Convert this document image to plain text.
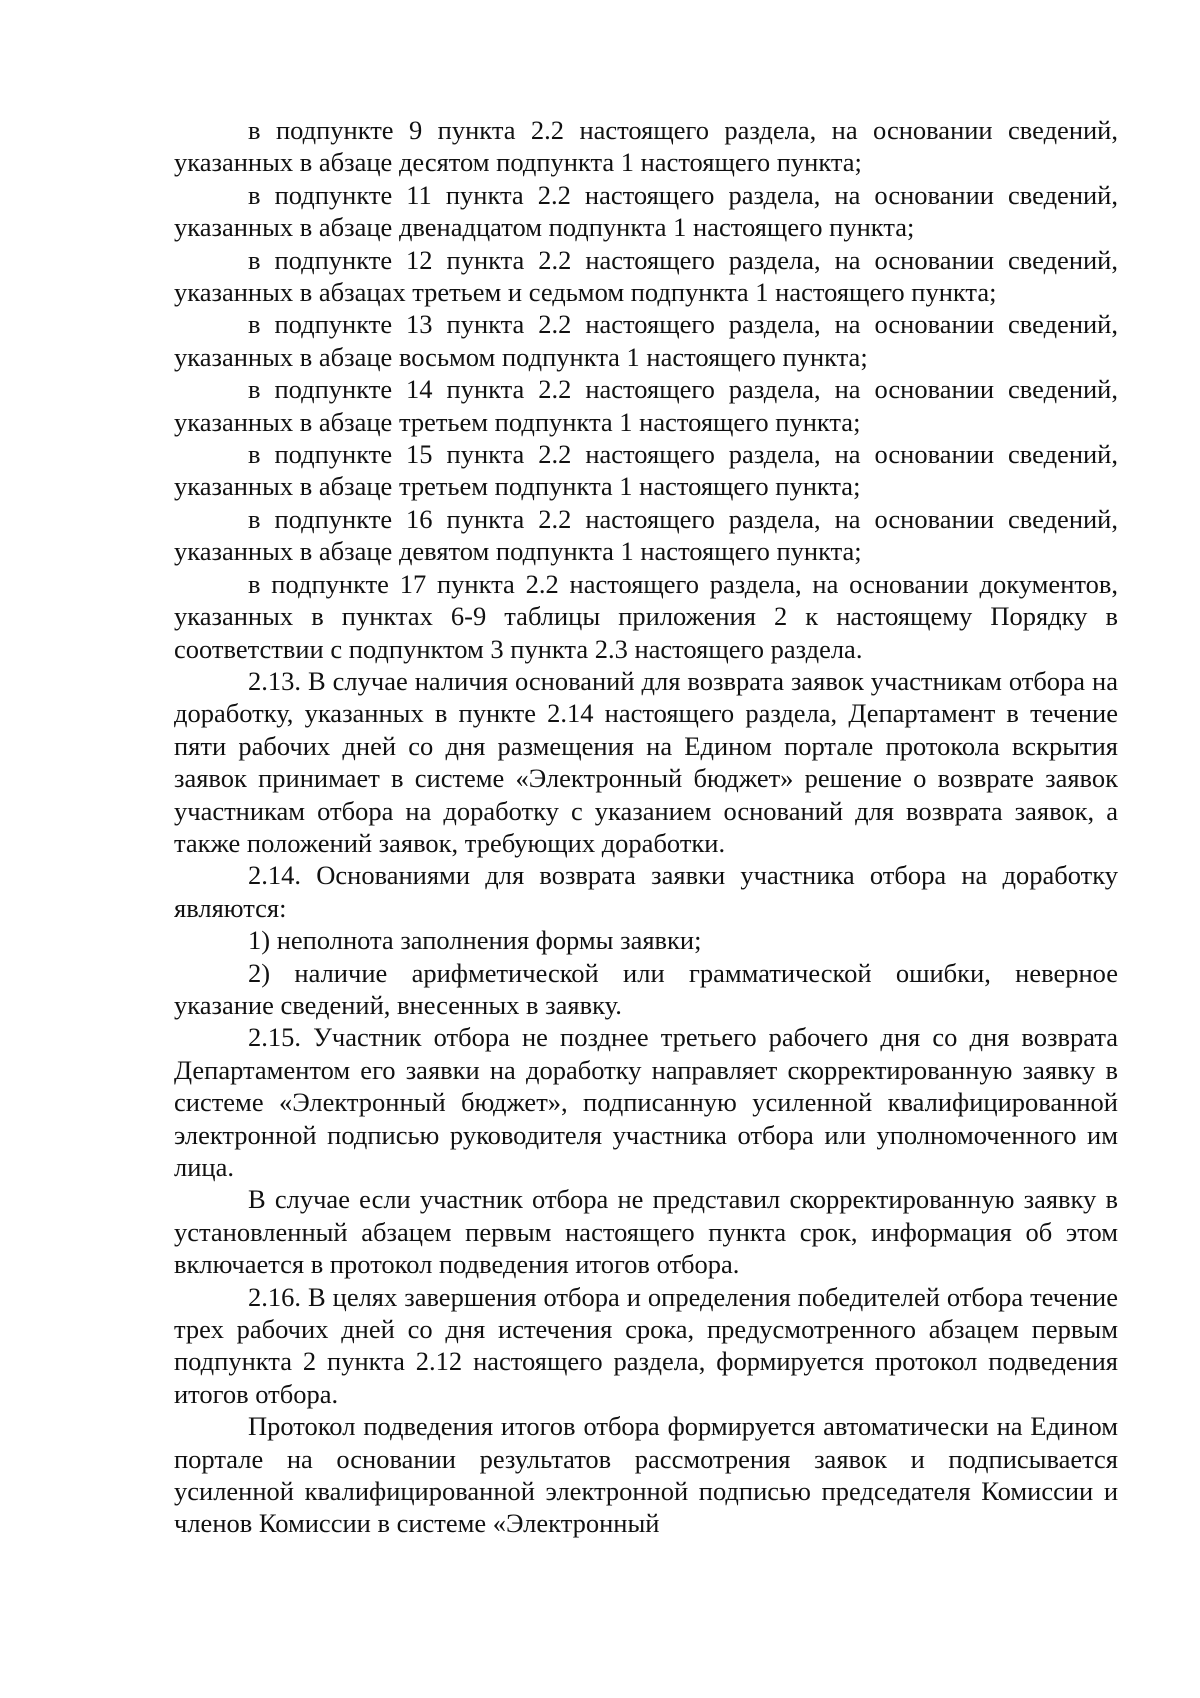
в подпункте 9 пункта 2.2 настоящего раздела, на основании сведений, указанных в абзаце десятом подпункта 1 настоящего пункта;

в подпункте 11 пункта 2.2 настоящего раздела, на основании сведений, указанных в абзаце двенадцатом подпункта 1 настоящего пункта;

в подпункте 12 пункта 2.2 настоящего раздела, на основании сведений, указанных в абзацах третьем и седьмом подпункта 1 настоящего пункта;

в подпункте 13 пункта 2.2 настоящего раздела, на основании сведений, указанных в абзаце восьмом подпункта 1 настоящего пункта;

в подпункте 14 пункта 2.2 настоящего раздела, на основании сведений, указанных в абзаце третьем подпункта 1 настоящего пункта;

в подпункте 15 пункта 2.2 настоящего раздела, на основании сведений, указанных в абзаце третьем подпункта 1 настоящего пункта;

в подпункте 16 пункта 2.2 настоящего раздела, на основании сведений, указанных в абзаце девятом подпункта 1 настоящего пункта;

в подпункте 17 пункта 2.2 настоящего раздела, на основании документов, указанных в пунктах 6-9 таблицы приложения 2 к настоящему Порядку в соответствии с подпунктом 3 пункта 2.3 настоящего раздела.

2.13. В случае наличия оснований для возврата заявок участникам отбора на доработку, указанных в пункте 2.14 настоящего раздела, Департамент в течение пяти рабочих дней со дня размещения на Едином портале протокола вскрытия заявок принимает в системе «Электронный бюджет» решение о возврате заявок участникам отбора на доработку с указанием оснований для возврата заявок, а также положений заявок, требующих доработки.

2.14. Основаниями для возврата заявки участника отбора на доработку являются:

1) неполнота заполнения формы заявки;

2) наличие арифметической или грамматической ошибки, неверное указание сведений, внесенных в заявку.

2.15. Участник отбора не позднее третьего рабочего дня со дня возврата Департаментом его заявки на доработку направляет скорректированную заявку в системе «Электронный бюджет», подписанную усиленной квалифицированной электронной подписью руководителя участника отбора или уполномоченного им лица.

В случае если участник отбора не представил скорректированную заявку в установленный абзацем первым настоящего пункта срок, информация об этом включается в протокол подведения итогов отбора.

2.16. В целях завершения отбора и определения победителей отбора течение трех рабочих дней со дня истечения срока, предусмотренного абзацем первым подпункта 2 пункта 2.12 настоящего раздела, формируется протокол подведения итогов отбора.

Протокол подведения итогов отбора формируется автоматически на Едином портале на основании результатов рассмотрения заявок и подписывается усиленной квалифицированной электронной подписью председателя Комиссии и членов Комиссии в системе «Электронный
